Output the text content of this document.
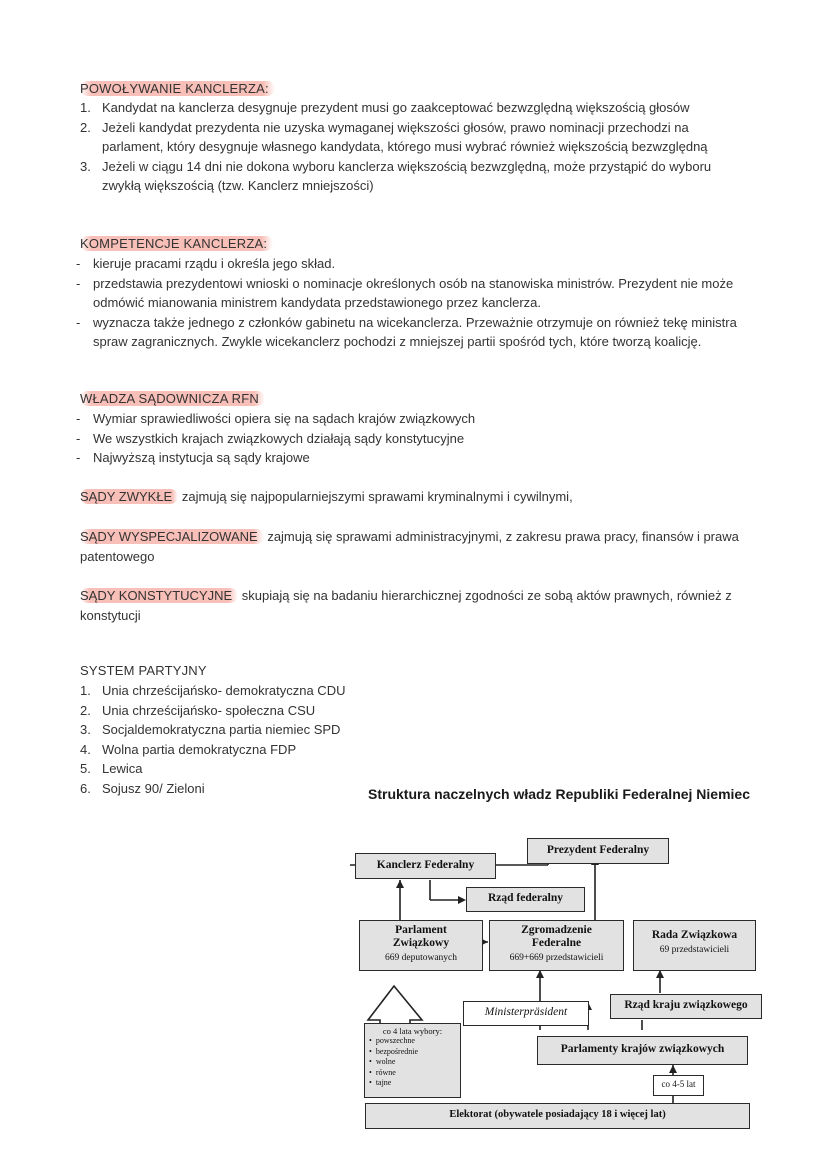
POWOŁYWANIE KANCLERZA:
1. Kandydat na kanclerza desygnuje prezydent musi go zaakceptować bezwzględną większością głosów
2. Jeżeli kandydat prezydenta nie uzyska wymaganej większości głosów, prawo nominacji przechodzi na parlament, który desygnuje własnego kandydata, którego musi wybrać również większością bezwzględną
3. Jeżeli w ciągu 14 dni nie dokona wyboru kanclerza większością bezwzględną, może przystąpić do wyboru zwykłą większością (tzw. Kanclerz mniejszości)
KOMPETENCJE KANCLERZA:
- kieruje pracami rządu i określa jego skład.
- przedstawia prezydentowi wnioski o nominacje określonych osób na stanowiska ministrów. Prezydent nie może odmówić mianowania ministrem kandydata przedstawionego przez kanclerza.
- wyznacza także jednego z członków gabinetu na wicekanclerza. Przeważnie otrzymuje on również tekę ministra spraw zagranicznych. Zwykle wicekanclerz pochodzi z mniejszej partii spośród tych, które tworzą koalicję.
WŁADZA SĄDOWNICZA RFN
- Wymiar sprawiedliwości opiera się na sądach krajów związkowych
- We wszystkich krajach związkowych działają sądy konstytucyjne
- Najwyższą instytucja są sądy krajowe
SĄDY ZWYKŁE zajmują się najpopularniejszymi sprawami kryminalnymi i cywilnymi,
SĄDY WYSPECJALIZOWANE zajmują się sprawami administracyjnymi, z zakresu prawa pracy, finansów i prawa patentowego
SĄDY KONSTYTUCYJNE skupiają się na badaniu hierarchicznej zgodności ze sobą aktów prawnych, również z konstytucji
SYSTEM PARTYJNY
1. Unia chrześcijańsko- demokratyczna CDU
2. Unia chrześcijańsko- społeczna CSU
3. Socjaldemokratyczna partia niemiec SPD
4. Wolna partia demokratyczna FDP
5. Lewica
6. Sojusz 90/ Zieloni	Struktura naczelnych władz Republiki Federalnej Niemiec
Prezydent Federalny
Kanclerz Federalny
Rząd federalny
Parlament Związkowy
669 deputowanych
Zgromadzenie Federalne
669+669 przedstawicieli
Rada Związkowa
69 przedstawicieli
Ministerpräsident
Rząd kraju związkowego
Parlamenty krajów związkowych
co 4 lata wybory:
•  powszechne
•  bezpośrednie
•  wolne
•  równe
•  tajne	co 4-5 lat
Elektorat (obywatele posiadający 18 i więcej lat)
